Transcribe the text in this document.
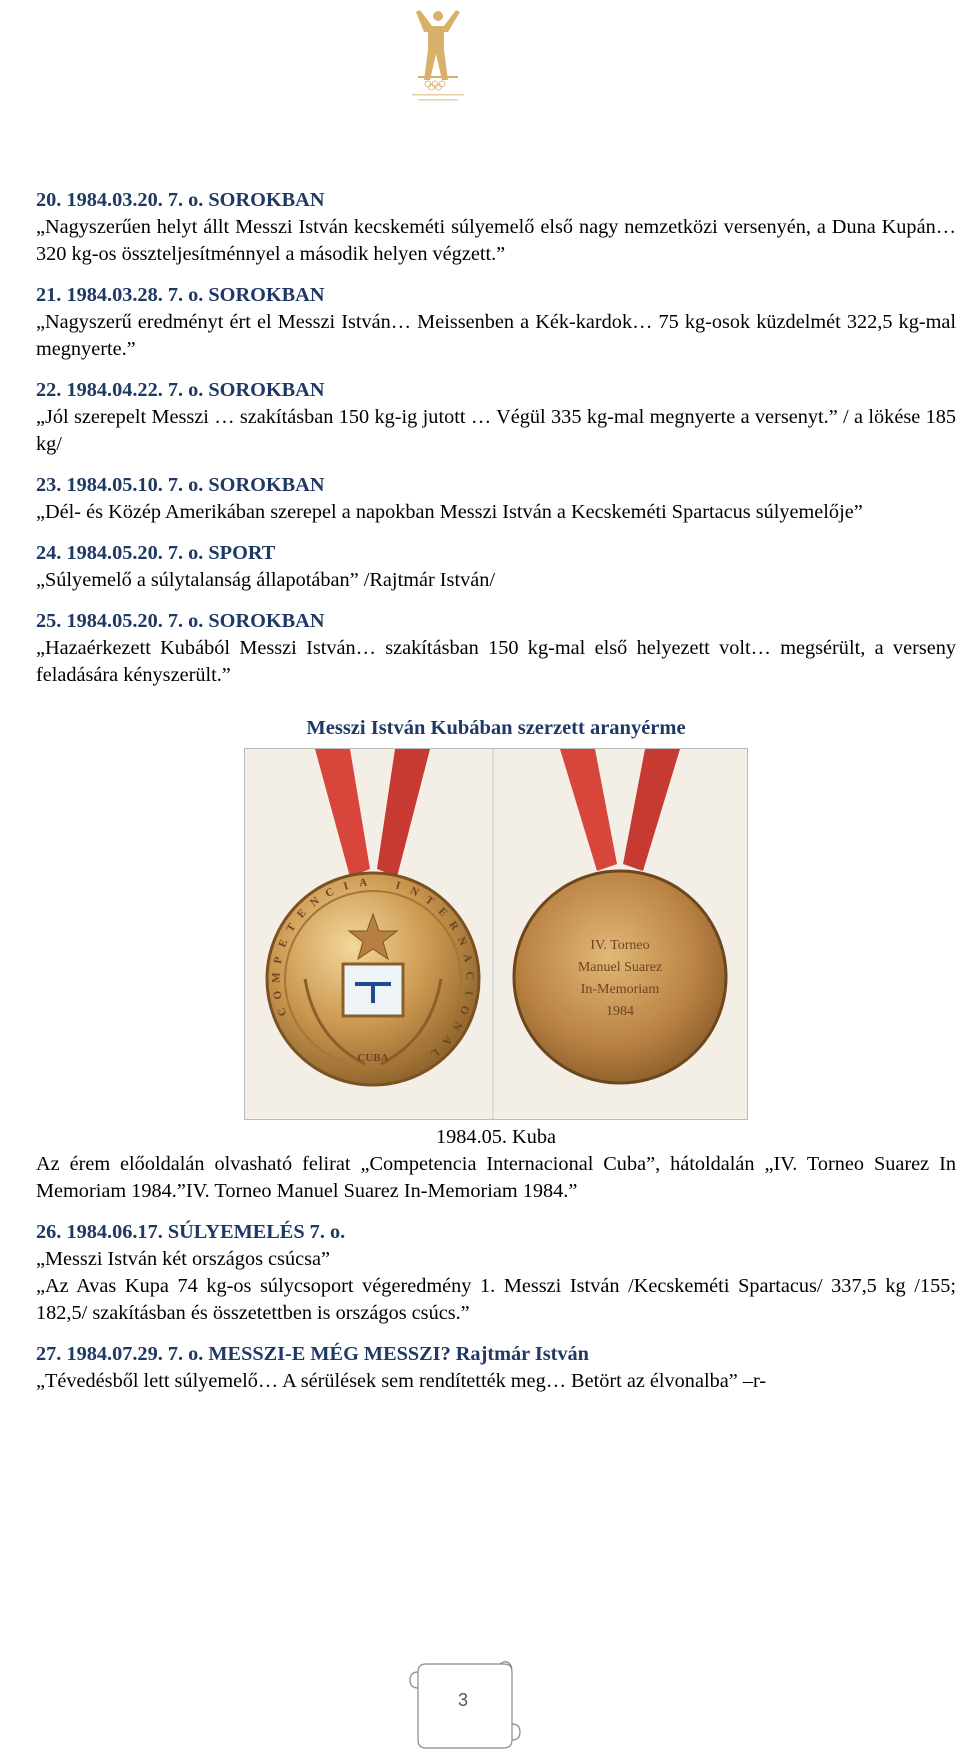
20. 1984.03.20. 7. o. SOROKBAN
„Nagyszerűen helyt állt Messzi István kecskeméti súlyemelő első nagy nemzetközi versenyén, a Duna Kupán… 320 kg-os összteljesítménnyel a második helyen végzett.”
21. 1984.03.28. 7. o. SOROKBAN
„Nagyszerű eredményt ért el Messzi István… Meissenben a Kék-kardok… 75 kg-osok küzdelmét 322,5 kg-mal megnyerte.”
22. 1984.04.22. 7. o. SOROKBAN
„Jól szerepelt Messzi … szakításban 150 kg-ig jutott … Végül 335 kg-mal megnyerte a versenyt.” / a lökése 185 kg/
23. 1984.05.10. 7. o. SOROKBAN
„Dél- és Közép Amerikában szerepel a napokban Messzi István a Kecskeméti Spartacus súlyemelője”
24. 1984.05.20. 7. o. SPORT
„Súlyemelő a súlytalanság állapotában” /Rajtmár István/
25. 1984.05.20. 7. o. SOROKBAN
„Hazaérkezett Kubából Messzi István… szakításban 150 kg-mal első helyezett volt… megsérült, a verseny feladására kényszerült.”
Messzi István Kubában szerzett aranyérme
CUBA
IV. Torneo
Manuel Suarez
In-Memoriam
1984
C
O
M
P
E
T
E
N
C I A I N
T
E
R
N
A
C
I
O
N
A
L
1984.05. Kuba
Az érem előoldalán olvasható felirat „Competencia Internacional Cuba”, hátoldalán „IV. Torneo Suarez In Memoriam 1984.”IV. Torneo Manuel Suarez In-Memoriam 1984.”
26. 1984.06.17. SÚLYEMELÉS 7. o.
„Messzi István két országos csúcsa”
„Az Avas Kupa 74 kg-os súlycsoport végeredmény 1. Messzi István /Kecskeméti Spartacus/ 337,5 kg /155; 182,5/ szakításban és összetettben is országos csúcs.”
27. 1984.07.29. 7. o. MESSZI-E MÉG MESSZI? Rajtmár István
„Tévedésből lett súlyemelő… A sérülések sem rendítették meg… Betört az élvonalba” –r-
3
